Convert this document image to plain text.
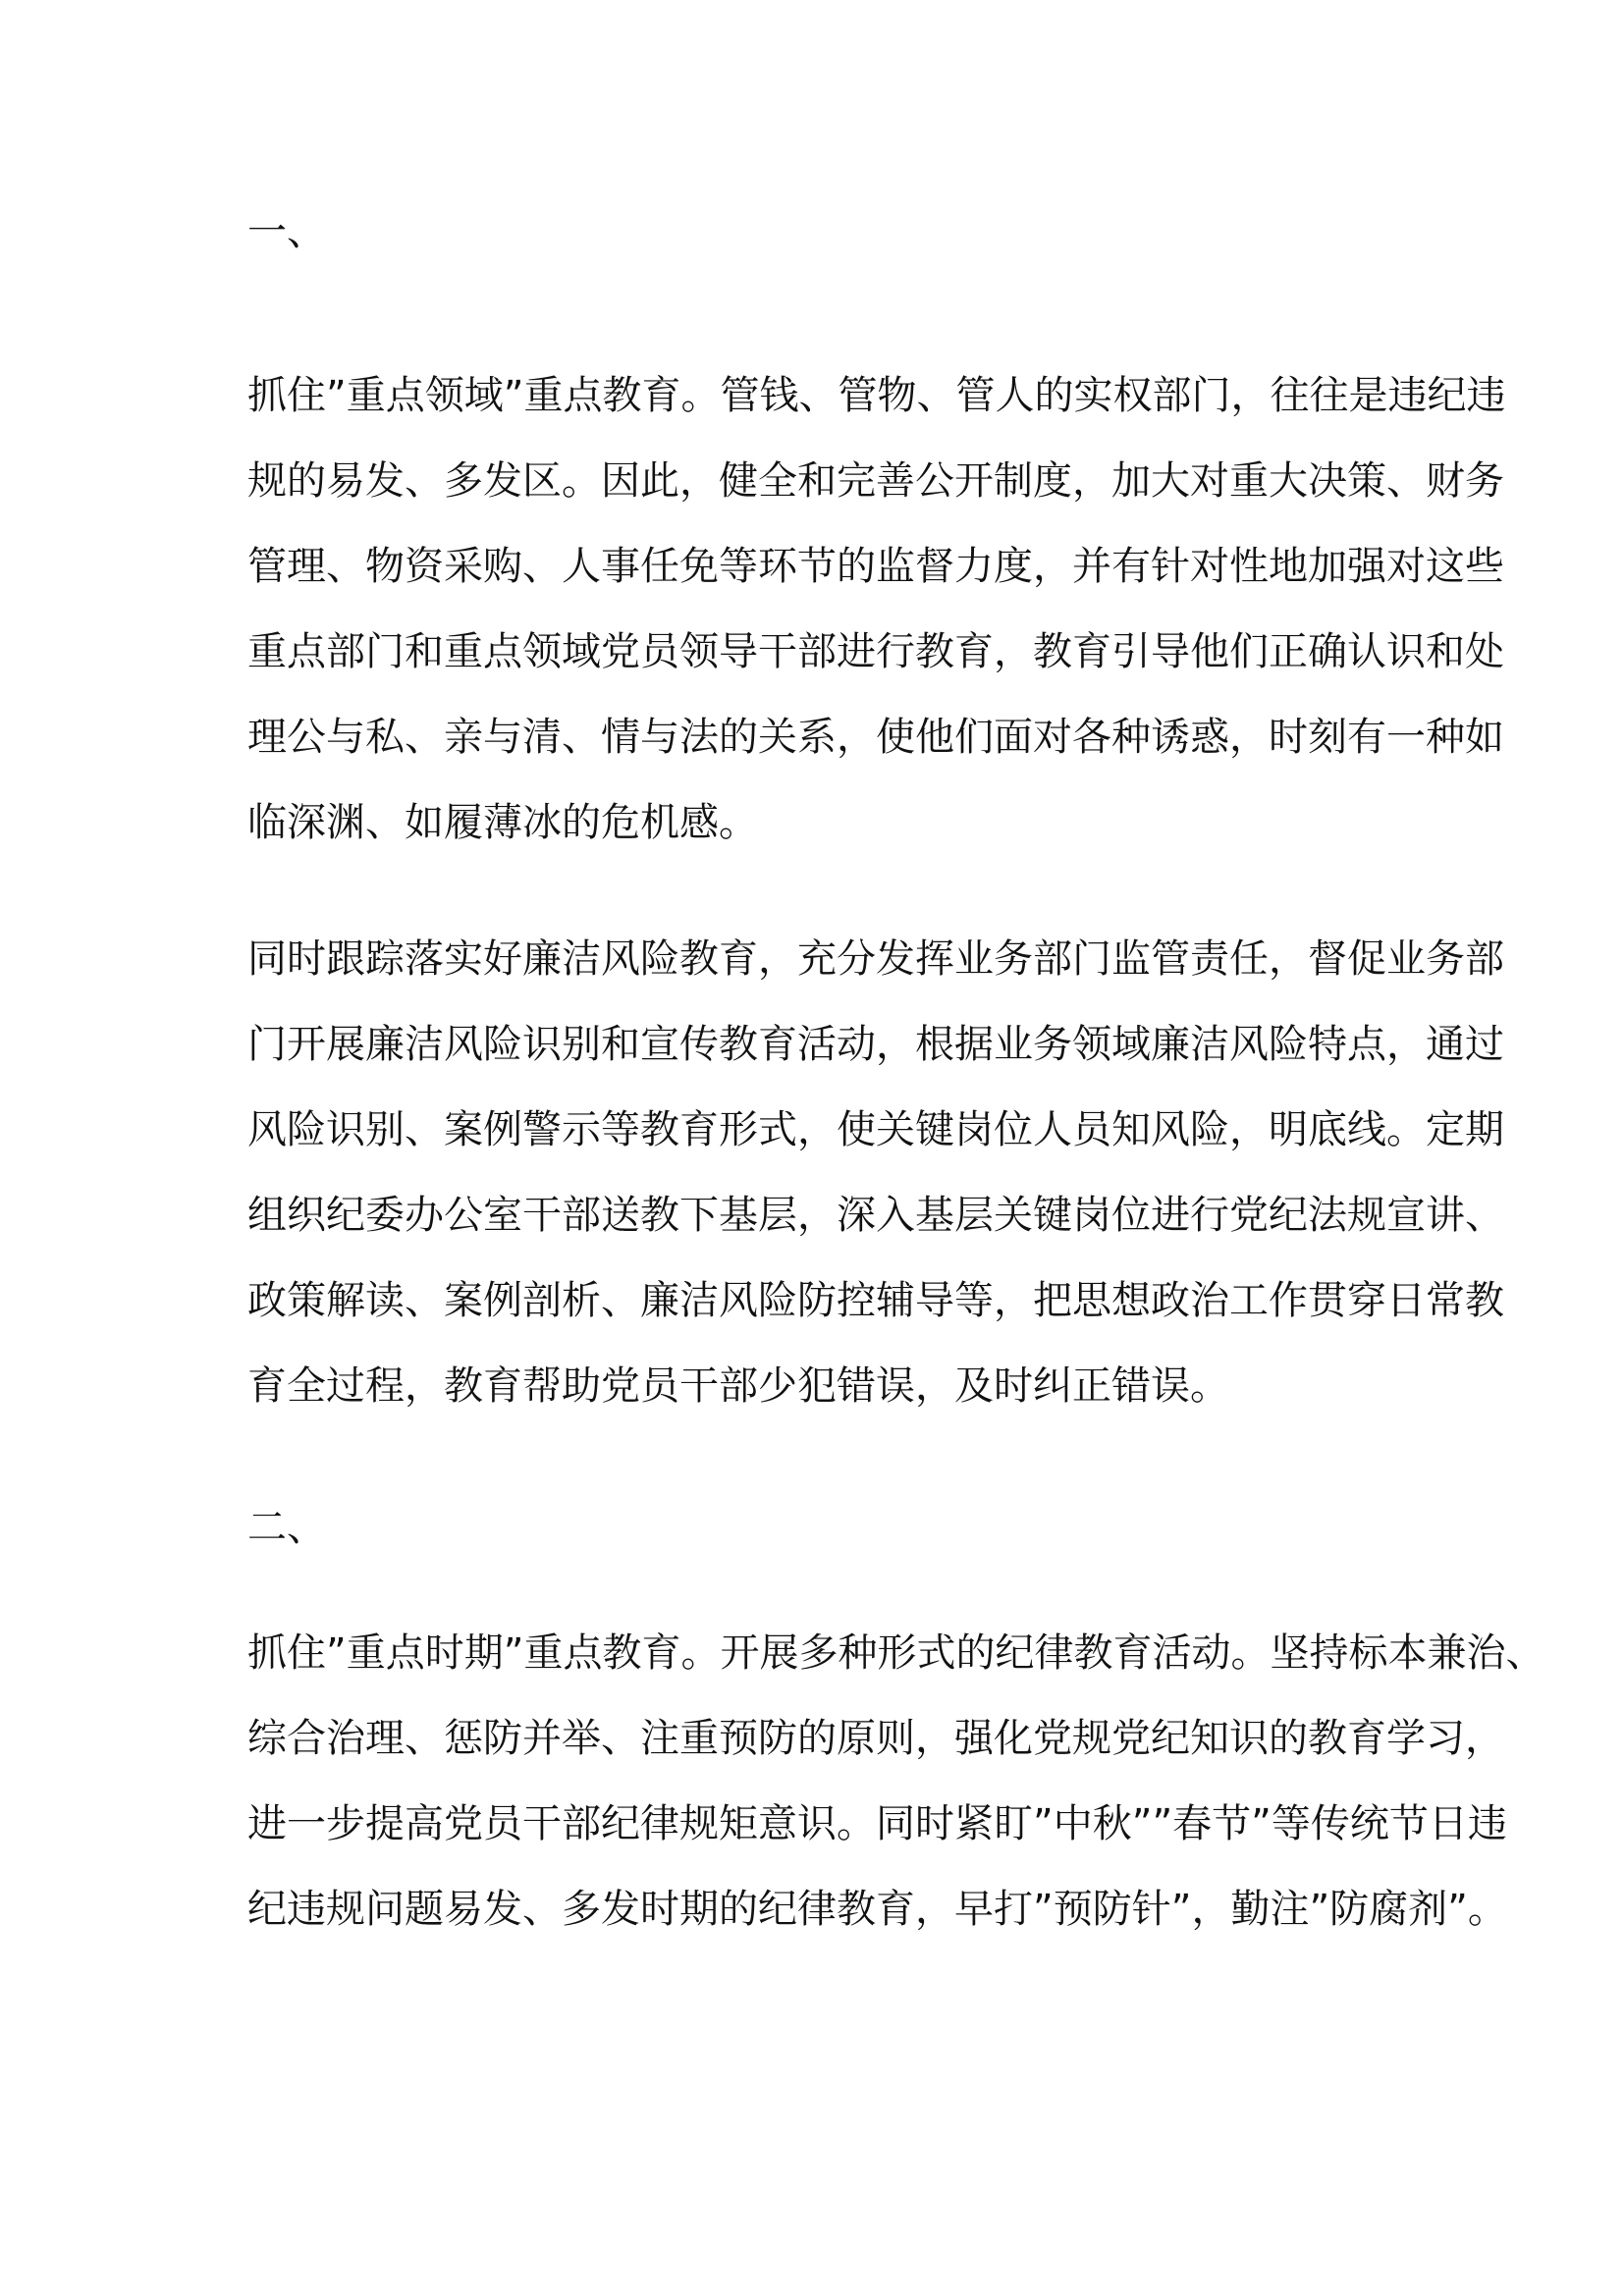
一、
抓住”重点领域”重点教育。管钱、管物、管人的实权部门，往往是违纪违
规的易发、多发区。因此，健全和完善公开制度，加大对重大决策、财务
管理、物资采购、人事任免等环节的监督力度，并有针对性地加强对这些
重点部门和重点领域党员领导干部进行教育，教育引导他们正确认识和处
理公与私、亲与清、情与法的关系，使他们面对各种诱惑，时刻有一种如
临深渊、如履薄冰的危机感。
同时跟踪落实好廉洁风险教育，充分发挥业务部门监管责任，督促业务部
门开展廉洁风险识别和宣传教育活动，根据业务领域廉洁风险特点，通过
风险识别、案例警示等教育形式，使关键岗位人员知风险，明底线。定期
组织纪委办公室干部送教下基层，深入基层关键岗位进行党纪法规宣讲、
政策解读、案例剖析、廉洁风险防控辅导等，把思想政治工作贯穿日常教
育全过程，教育帮助党员干部少犯错误，及时纠正错误。
二、
抓住”重点时期”重点教育。开展多种形式的纪律教育活动。坚持标本兼治、
综合治理、惩防并举、注重预防的原则，强化党规党纪知识的教育学习，
进一步提高党员干部纪律规矩意识。同时紧盯”中秋””春节”等传统节日违
纪违规问题易发、多发时期的纪律教育，早打”预防针”，勤注”防腐剂”。
